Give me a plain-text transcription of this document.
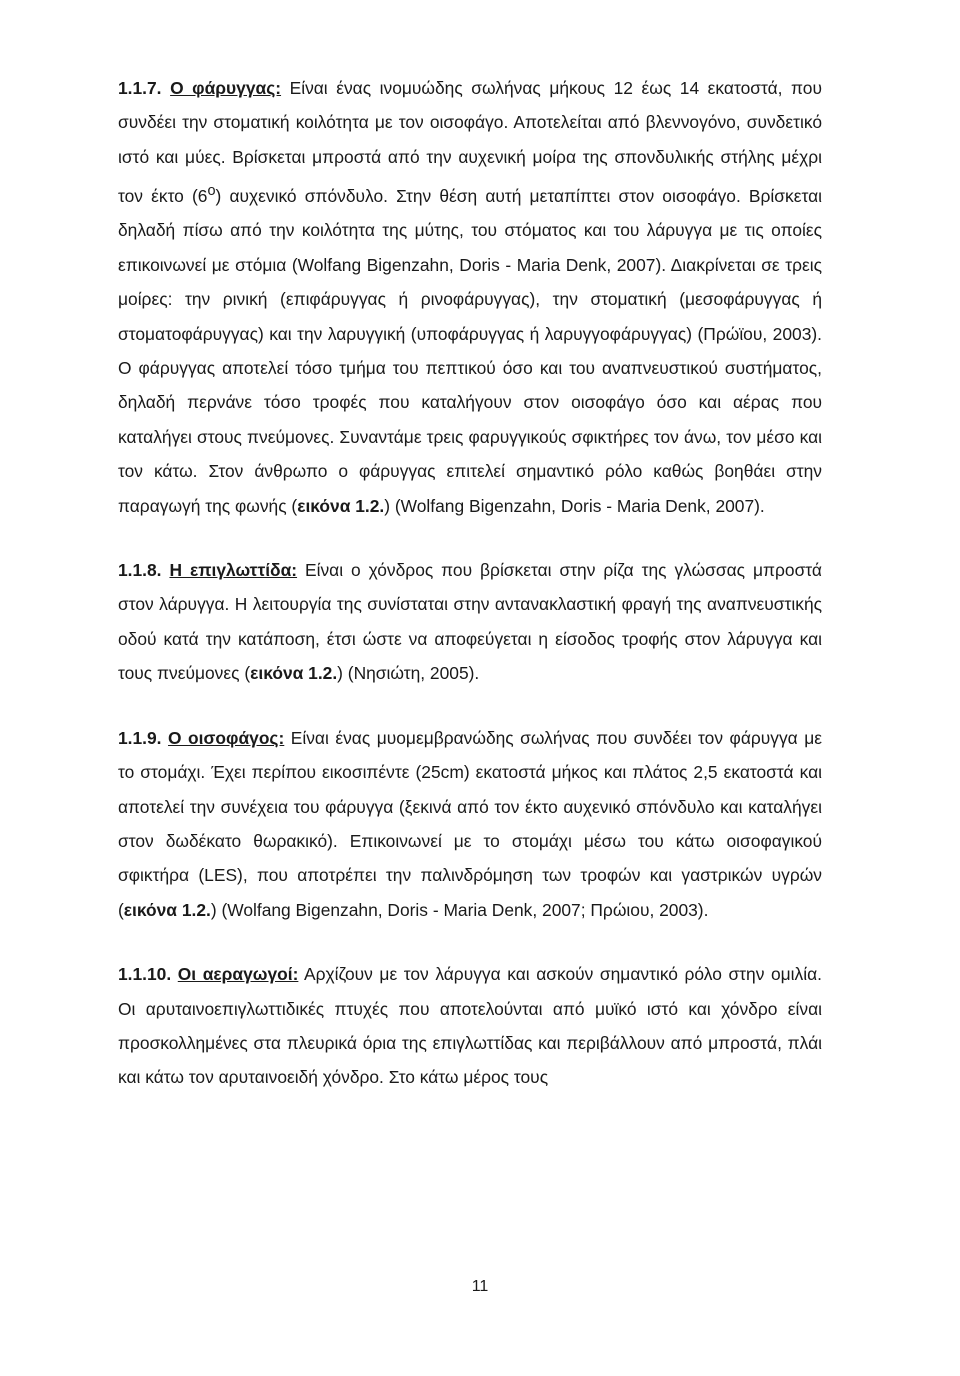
1.1.7. Ο φάρυγγας: Είναι ένας ινομυώδης σωλήνας μήκους 12 έως 14 εκατοστά, που συνδέει την στοματική κοιλότητα με τον οισοφάγο. Αποτελείται από βλεννογόνο, συνδετικό ιστό και μύες. Βρίσκεται μπροστά από την αυχενική μοίρα της σπονδυλικής στήλης μέχρι τον έκτο $(6^o)$ αυχενικό σπόνδυλο. Στην θέση αυτή μεταπίπτει στον οισοφάγο. Βρίσκεται δηλαδή πίσω από την κοιλότητα της μύτης, του στόματος και του λάρυγγα με τις οποίες επικοινωνεί με στόμια (Wolfang Bigenzahn, Doris - Maria Denk, 2007). Διακρίνεται σε τρεις μοίρες: την ρινική (επιφάρυγγας ή ρινοφάρυγγας), την στοματική (μεσοφάρυγγας ή στοματοφάρυγγας) και την λαρυγγική (υποφάρυγγας ή λαρυγγοφάρυγγας) (Πρώϊου, 2003). Ο φάρυγγας αποτελεί τόσο τμήμα του πεπτικού όσο και του αναπνευστικού συστήματος, δηλαδή περνάνε τόσο τροφές που καταλήγουν στον οισοφάγο όσο και αέρας που καταλήγει στους πνεύμονες. Συναντάμε τρεις φαρυγγικούς σφικτήρες τον άνω, τον μέσο και τον κάτω. Στον άνθρωπο ο φάρυγγας επιτελεί σημαντικό ρόλο καθώς βοηθάει στην παραγωγή της φωνής (εικόνα 1.2.) (Wolfang Bigenzahn, Doris - Maria Denk, 2007).

1.1.8. Η επιγλωττίδα: Είναι ο χόνδρος που βρίσκεται στην ρίζα της γλώσσας μπροστά στον λάρυγγα. Η λειτουργία της συνίσταται στην αντανακλαστική φραγή της αναπνευστικής οδού κατά την κατάποση, έτσι ώστε να αποφεύγεται η είσοδος τροφής στον λάρυγγα και τους πνεύμονες (εικόνα 1.2.) (Νησιώτη, 2005).

1.1.9. Ο οισοφάγος: Είναι ένας μυομεμβρανώδης σωλήνας που συνδέει τον φάρυγγα με το στομάχι. Έχει περίπου εικοσιπέντε (25cm) εκατοστά μήκος και πλάτος 2,5 εκατοστά και αποτελεί την συνέχεια του φάρυγγα (ξεκινά από τον έκτο αυχενικό σπόνδυλο και καταλήγει στον δωδέκατο θωρακικό). Επικοινωνεί με το στομάχι μέσω του κάτω οισοφαγικού σφικτήρα (LES), που αποτρέπει την παλινδρόμηση των τροφών και γαστρικών υγρών (εικόνα 1.2.) (Wolfang Bigenzahn, Doris - Maria Denk, 2007; Πρώιου, 2003).

1.1.10. Οι αεραγωγοί: Αρχίζουν με τον λάρυγγα και ασκούν σημαντικό ρόλο στην ομιλία. Οι αρυταινοεπιγλωττιδικές πτυχές που αποτελούνται από μυϊκό ιστό και χόνδρο είναι προσκολλημένες στα πλευρικά όρια της επιγλωττίδας και περιβάλλουν από μπροστά, πλάι και κάτω τον αρυταινοειδή χόνδρο. Στο κάτω μέρος τους

11
